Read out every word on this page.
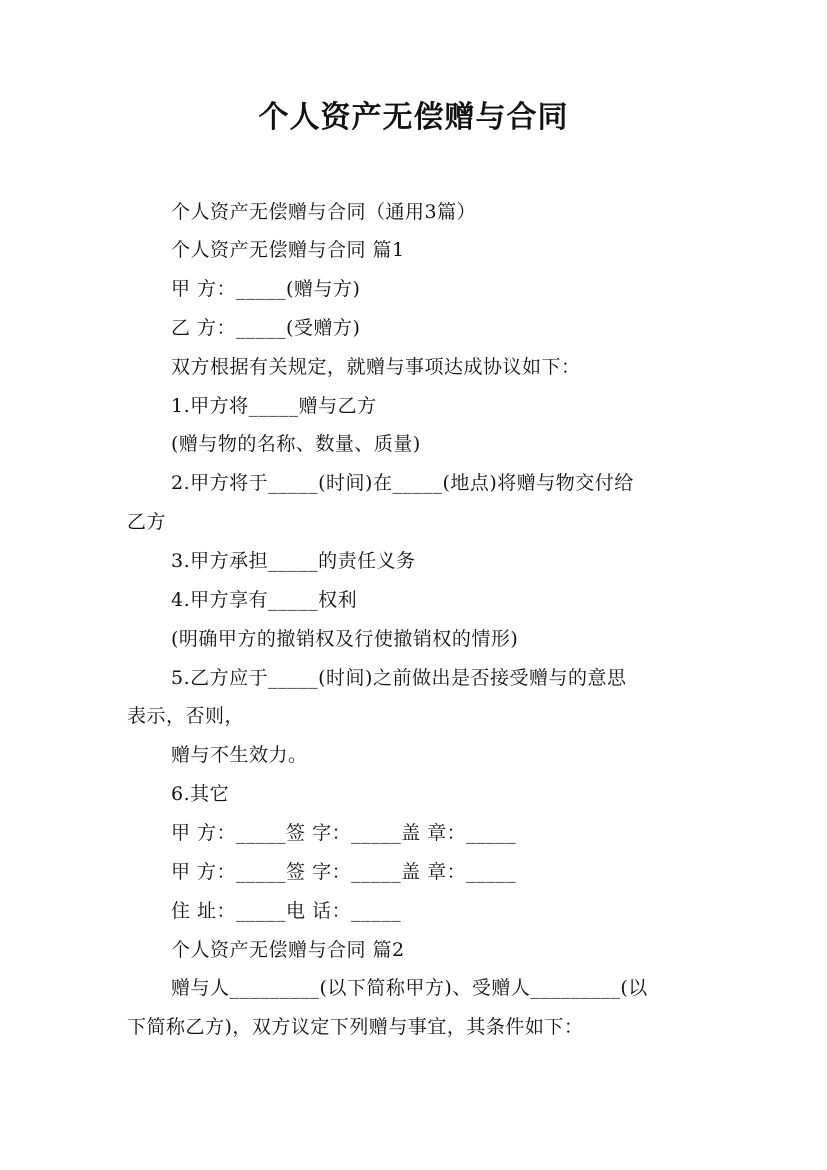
个人资产无偿赠与合同
个人资产无偿赠与合同（通用3篇）
个人资产无偿赠与合同 篇1
甲 方：_____(赠与方)
乙 方：_____(受赠方)
双方根据有关规定，就赠与事项达成协议如下：
1.甲方将_____赠与乙方
(赠与物的名称、数量、质量)
2.甲方将于_____(时间)在_____(地点)将赠与物交付给
乙方
3.甲方承担_____的责任义务
4.甲方享有_____权利
(明确甲方的撤销权及行使撤销权的情形)
5.乙方应于_____(时间)之前做出是否接受赠与的意思
表示，否则，
赠与不生效力。
6.其它
甲 方：_____签 字：_____盖 章：_____
甲 方：_____签 字：_____盖 章：_____
住 址：_____电 话：_____
个人资产无偿赠与合同 篇2
赠与人_________(以下简称甲方)、受赠人_________(以
下简称乙方)，双方议定下列赠与事宜，其条件如下：
